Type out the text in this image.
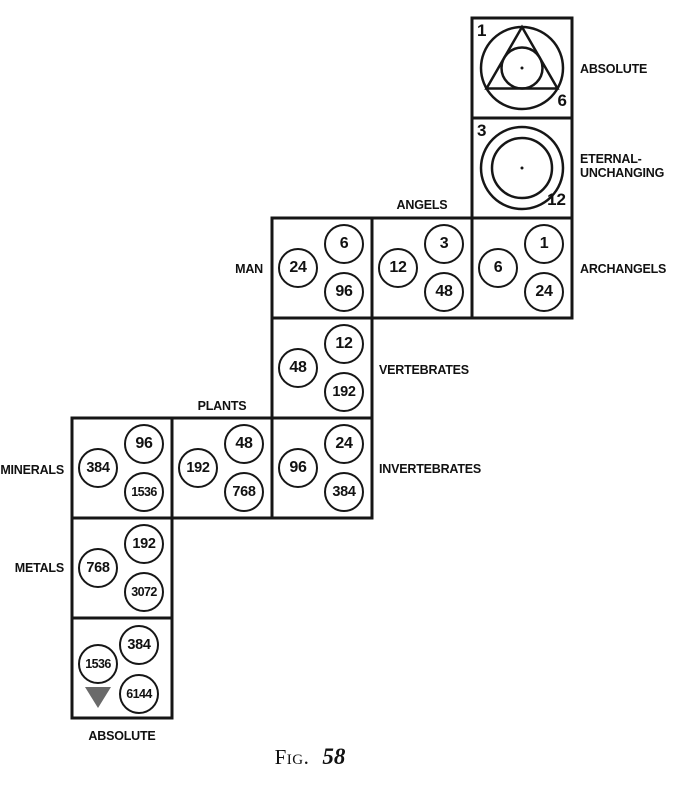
1
6
3
12
24
6
96
12
3
48
6
1
24
48
12
192
384
96
1536
192
48
768
96
24
384
768
192
3072
1536
384
6144
ABSOLUTE
ETERNAL-
UNCHANGING
ANGELS
MAN	ARCHANGELS
VERTEBRATES
PLANTS
MINERALS	INVERTEBRATES
METALS
ABSOLUTE
Fig. 58
